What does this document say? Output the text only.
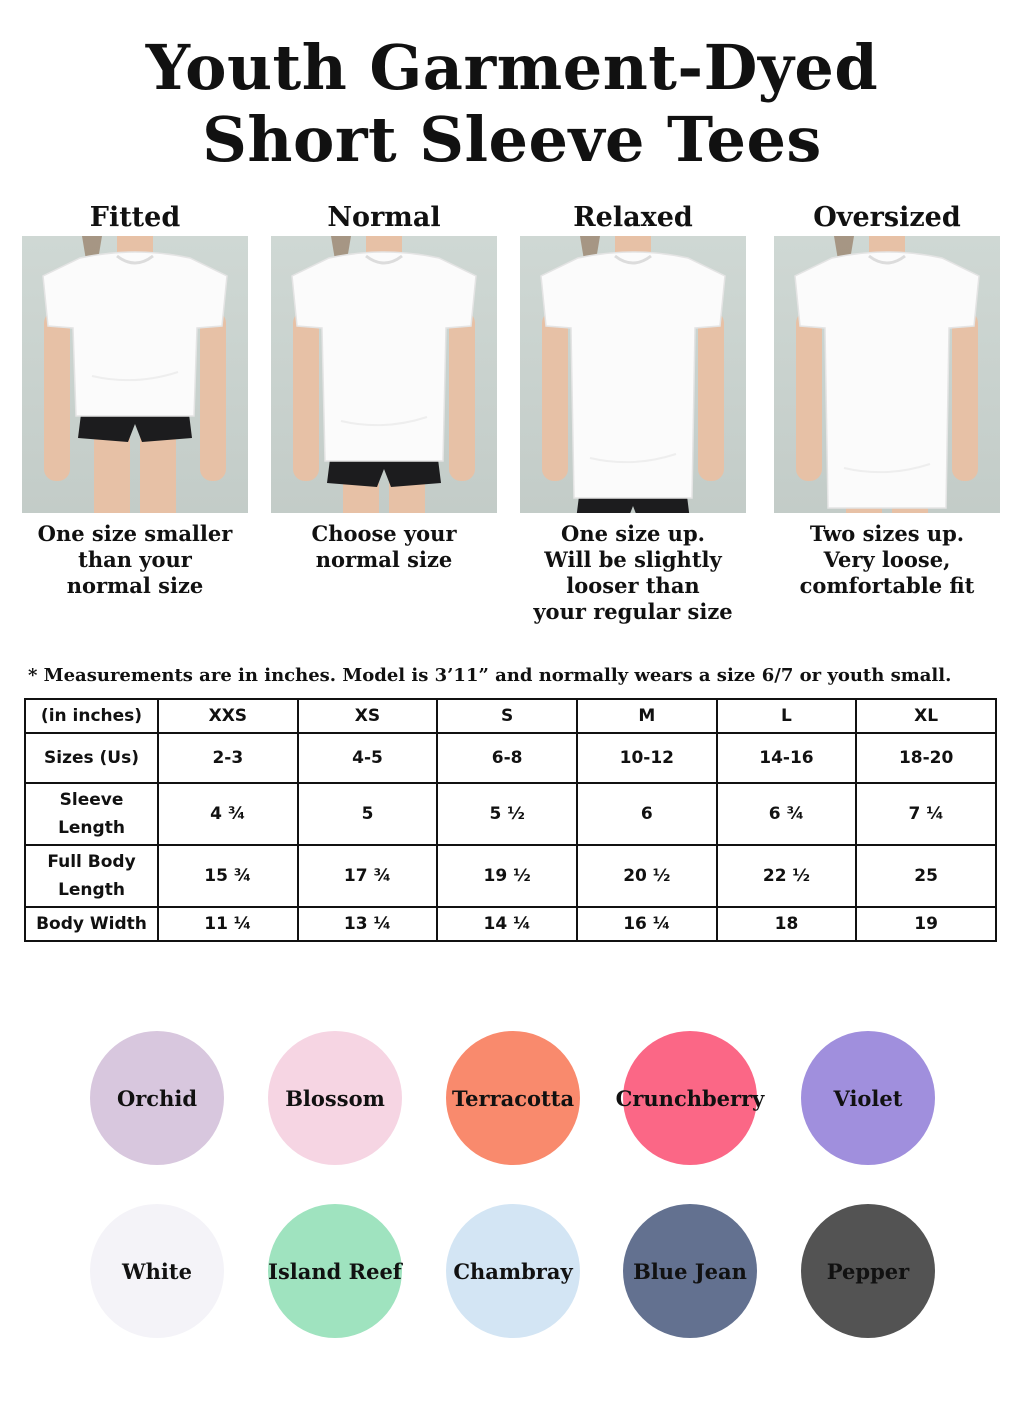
Youth Garment-Dyed
Short Sleeve Tees
Fitted
One size smaller
than your
normal size
Normal
Choose your
normal size
Relaxed
One size up.
Will be slightly
looser than
your regular size
Oversized
Two sizes up.
Very loose,
comfortable fit
* Measurements are in inches. Model is 3’11” and normally wears a size 6/7 or youth small.
(in inches)	XXS	XS	S	M	L	XL
Sizes (Us)	2-3	4-5	6-8	10-12	14-16	18-20
Sleeve Length	4 ¾	5	5 ½	6	6 ¾	7 ¼
Full Body Length	15 ¾	17 ¾	19 ½	20 ½	22 ½	25
Body Width	11 ¼	13 ¼	14 ¼	16 ¼	18	19
Orchid	Blossom	Terracotta Crunchberry	Violet
White	Island Reef Chambray	Blue Jean	Pepper
